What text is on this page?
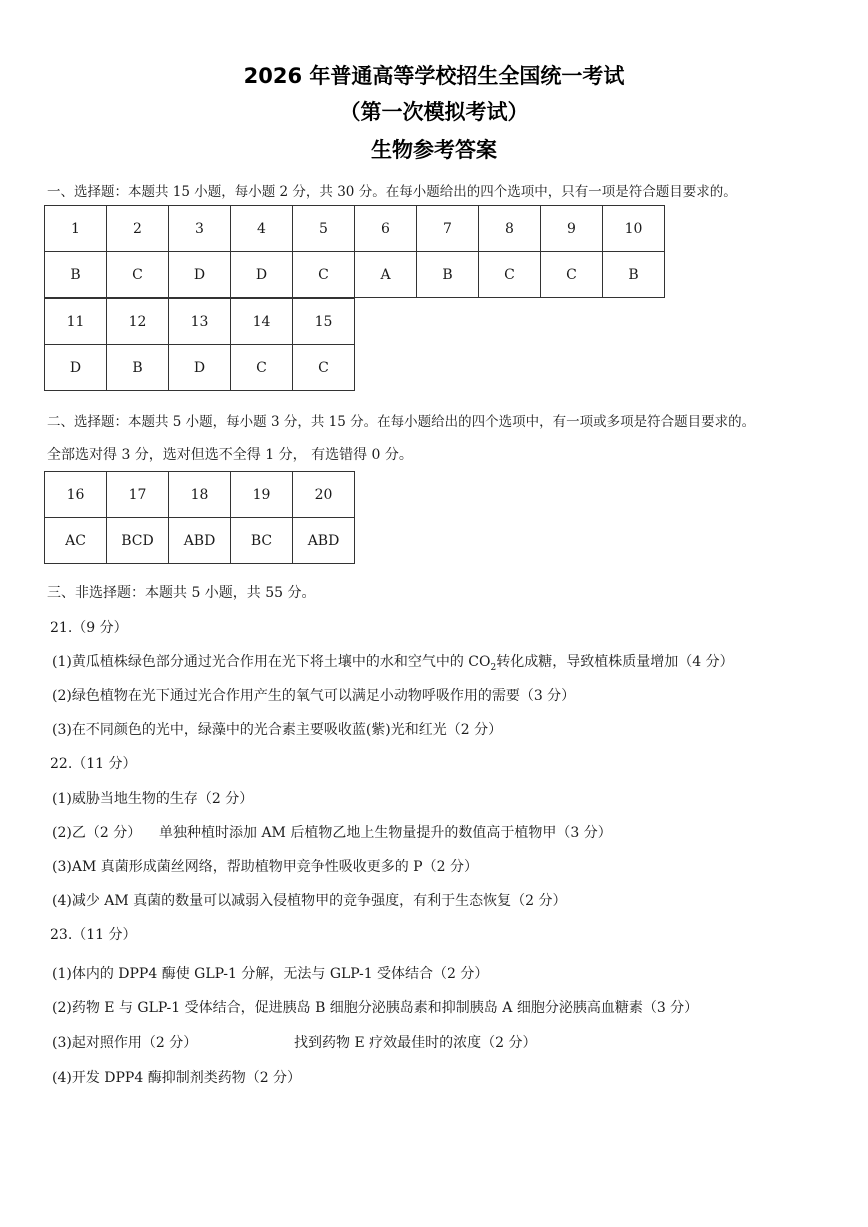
2026 年普通高等学校招生全国统一考试
（第一次模拟考试）
生物参考答案
一、选择题：本题共 15 小题，每小题 2 分，共 30 分。在每小题给出的四个选项中，只有一项是符合题目要求的。
1	2	3	4	5	6	7	8	9	10
B	C	D	D	C	A	B	C	C	B
11	12	13	14	15
D	B	D	C	C
二、选择题：本题共 5 小题，每小题 3 分，共 15 分。在每小题给出的四个选项中，有一项或多项是符合题目要求的。
全部选对得 3 分，选对但选不全得 1 分， 有选错得 0 分。
16	17	18	19	20
AC	BCD	ABD	BC	ABD
三、非选择题：本题共 5 小题，共 55 分。
21.（9 分）
(1)黄瓜植株绿色部分通过光合作用在光下将土壤中的水和空气中的 $CO_2$转化成糖，导致植株质量增加（4 分）
(2)绿色植物在光下通过光合作用产生的氧气可以满足小动物呼吸作用的需要（3 分）
(3)在不同颜色的光中，绿藻中的光合素主要吸收蓝(紫)光和红光（2 分）
22.（11 分）
(1)威胁当地生物的生存（2 分）
(2)乙（2 分）    单独种植时添加 AM 后植物乙地上生物量提升的数值高于植物甲（3 分）
(3)AM 真菌形成菌丝网络，帮助植物甲竞争性吸收更多的 P（2 分）
(4)减少 AM 真菌的数量可以减弱入侵植物甲的竞争强度，有利于生态恢复（2 分）
23.（11 分）
(1)体内的 DPP4 酶使 GLP-1 分解，无法与 GLP-1 受体结合（2 分）
(2)药物 E 与 GLP-1 受体结合，促进胰岛 B 细胞分泌胰岛素和抑制胰岛 A 细胞分泌胰高血糖素（3 分）
(3)起对照作用（2 分）	找到药物 E 疗效最佳时的浓度（2 分）
(4)开发 DPP4 酶抑制剂类药物（2 分）
